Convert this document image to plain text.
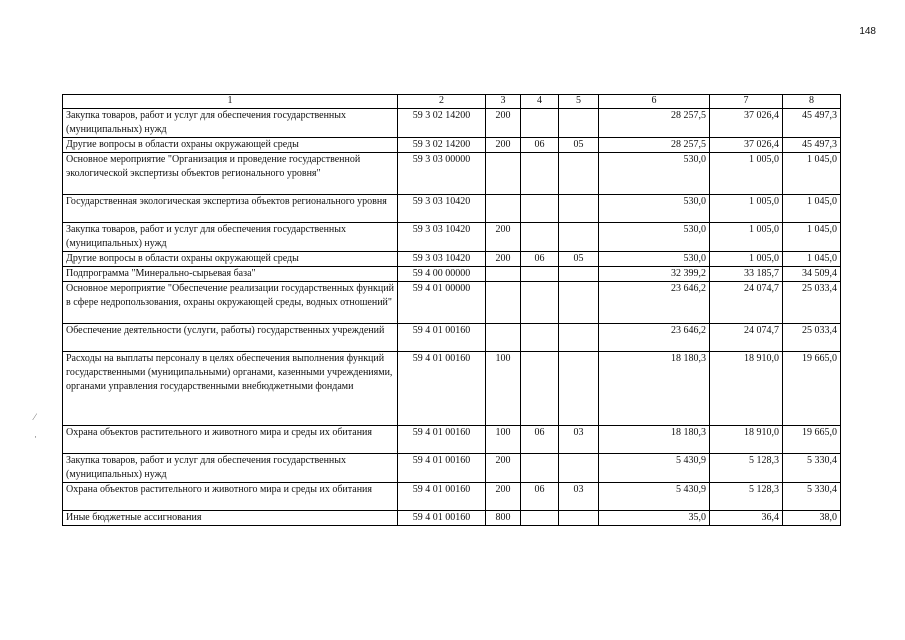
148
1	2	3	4	5	6	7	8
Закупка товаров, работ и услуг для обеспечения государственных (муниципальных) нужд	59 3 02 14200	200			28 257,5	37 026,4	45 497,3
Другие вопросы в области охраны окружающей среды	59 3 02 14200	200	06	05	28 257,5	37 026,4	45 497,3
Основное мероприятие "Организация и проведение государственной экологической экспертизы объектов регионального уровня"	59 3 03 00000				530,0	1 005,0	1 045,0
Государственная экологическая экспертиза объектов регионального уровня	59 3 03 10420				530,0	1 005,0	1 045,0
Закупка товаров, работ и услуг для обеспечения государственных (муниципальных) нужд	59 3 03 10420	200			530,0	1 005,0	1 045,0
Другие вопросы в области охраны окружающей среды	59 3 03 10420	200	06	05	530,0	1 005,0	1 045,0
Подпрограмма "Минерально-сырьевая база"	59 4 00 00000				32 399,2	33 185,7	34 509,4
Основное мероприятие "Обеспечение реализации государственных функций в сфере недропользования, охраны окружающей среды, водных отношений"	59 4 01 00000				23 646,2	24 074,7	25 033,4
Обеспечение деятельности (услуги, работы) государственных учреждений	59 4 01 00160				23 646,2	24 074,7	25 033,4
Расходы на выплаты персоналу в целях обеспечения выполнения функций государственными (муниципальными) органами, казенными учреждениями, органами управления государственными внебюджетными фондами	59 4 01 00160	100			18 180,3	18 910,0	19 665,0
Охрана объектов растительного и животного мира и среды их обитания	59 4 01 00160	100	06	03	18 180,3	18 910,0	19 665,0
Закупка товаров, работ и услуг для обеспечения государственных (муниципальных) нужд	59 4 01 00160	200			5 430,9	5 128,3	5 330,4
Охрана объектов растительного и животного мира и среды их обитания	59 4 01 00160	200	06	03	5 430,9	5 128,3	5 330,4
Иные бюджетные ассигнования	59 4 01 00160	800			35,0	36,4	38,0
⁄
·
